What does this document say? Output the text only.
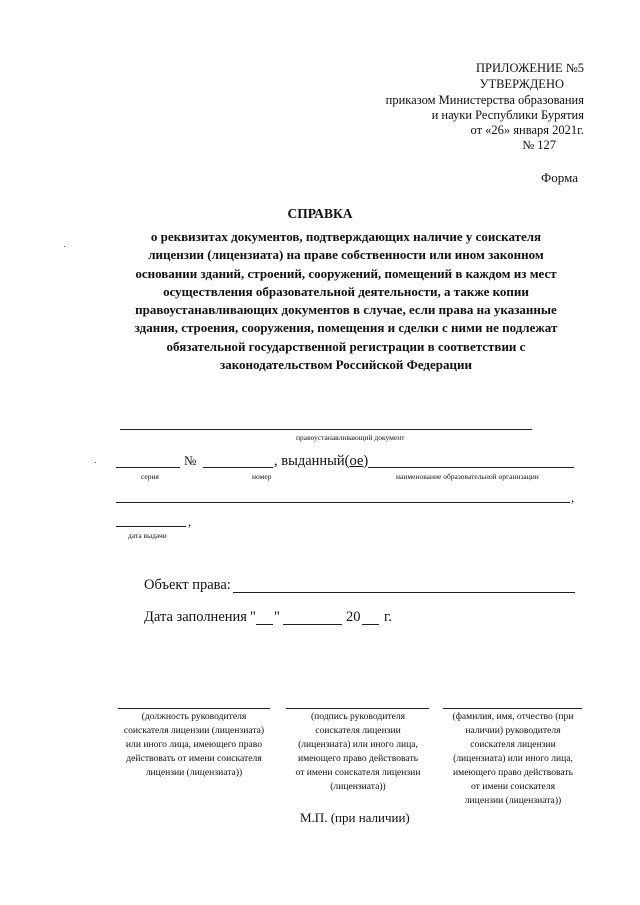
ПРИЛОЖЕНИЕ №5
УТВЕРЖДЕНО
приказом Министерства образования
и науки Республики Бурятия
от «26» января 2021г.
№ 127
Форма
СПРАВКА
о реквизитах документов, подтверждающих наличие у соискателя
лицензии (лицензиата) на праве собственности или ином законном
основании зданий, строений, сооружений, помещений в каждом из мест
осуществления образовательной деятельности, а также копии
правоустанавливающих документов в случае, если права на указанные
здания, строения, сооружения, помещения и сделки с ними не подлежат
обязательной государственной регистрации в соответствии с
законодательством Российской Федерации
правоустанавливающий документ
№	, выданный(ое)
серия	номер	наименование образовательной организации
,
,
дата выдачи
Объект права:
Дата заполнения " "	20 г.
(должность руководителя
соискателя лицензии (лицензиата)
или иного лица, имеющего право
действовать от имени соискателя
лицензии (лицензиата))
(подпись руководителя
соискателя лицензии
(лицензиата) или иного лица,
имеющего право действовать
от имени соискателя лицензии
(лицензиата))
(фамилия, имя, отчество (при
наличии) руководителя
соискателя лицензии
(лицензиата) или иного лица,
имеющего право действовать
от имени соискателя
лицензии (лицензиата))
М.П. (при наличии)
